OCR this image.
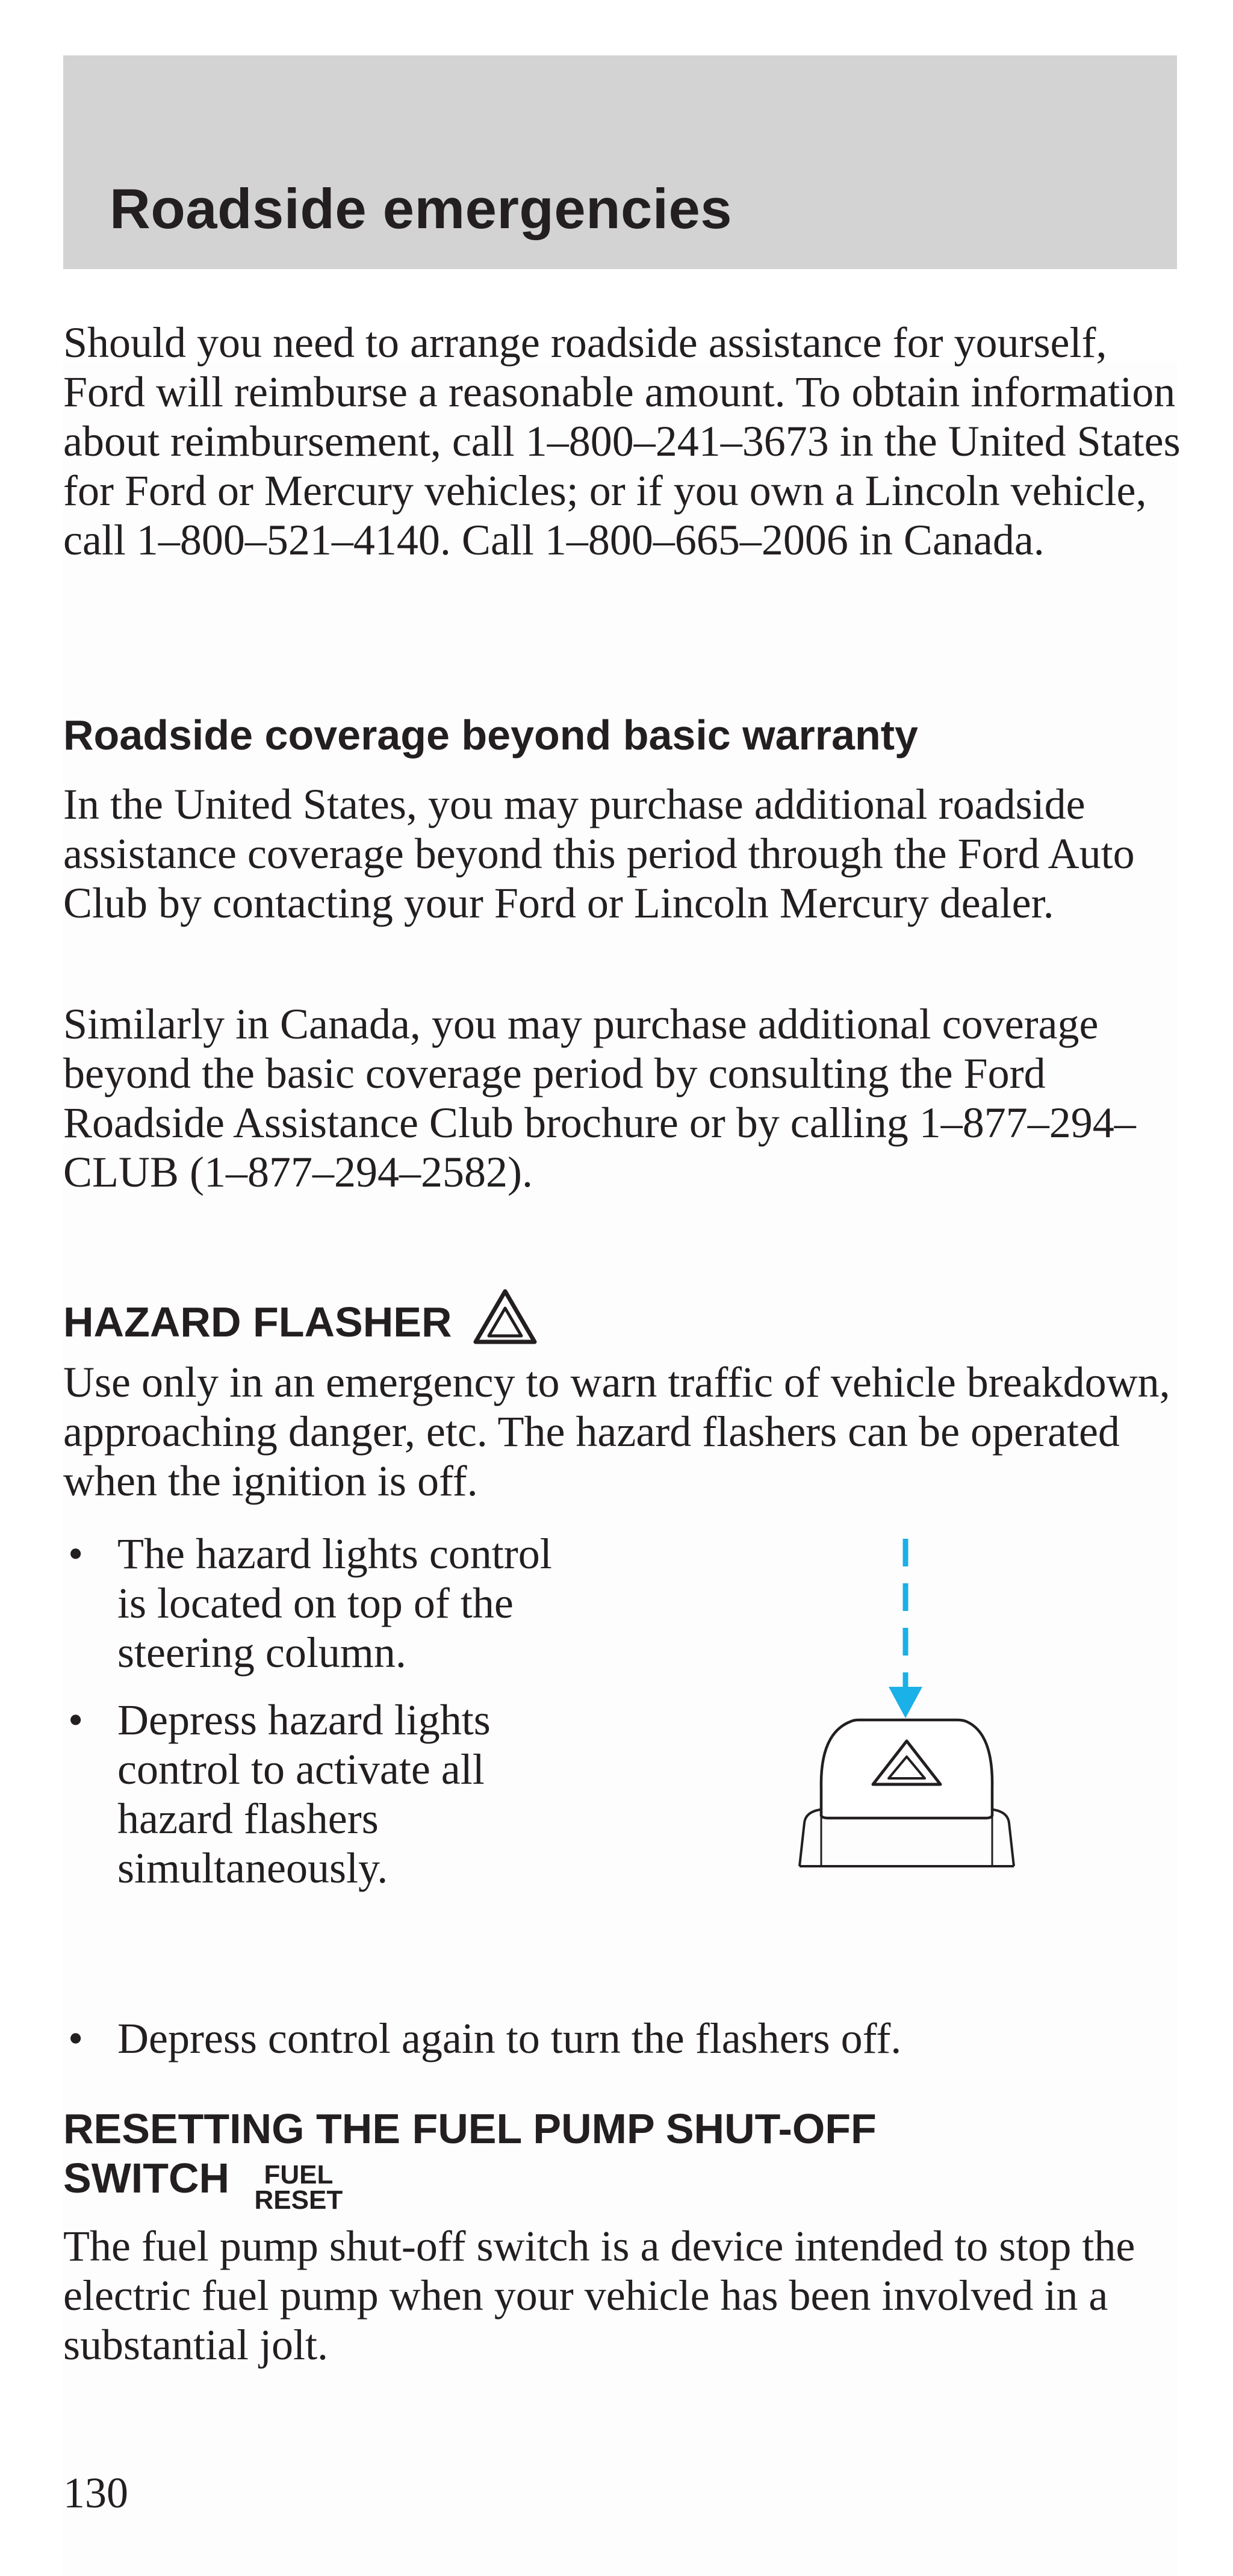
Roadside emergencies

Should you need to arrange roadside assistance for yourself, Ford will reimburse a reasonable amount. To obtain information about reimbursement, call 1–800–241–3673 in the United States for Ford or Mercury vehicles; or if you own a Lincoln vehicle, call 1–800–521–4140. Call 1–800–665–2006 in Canada.

Roadside coverage beyond basic warranty

In the United States, you may purchase additional roadside assistance coverage beyond this period through the Ford Auto Club by contacting your Ford or Lincoln Mercury dealer.

Similarly in Canada, you may purchase additional coverage beyond the basic coverage period by consulting the Ford Roadside Assistance Club brochure or by calling 1–877–294–CLUB (1–877–294–2582).

HAZARD FLASHER

Use only in an emergency to warn traffic of vehicle breakdown, approaching danger, etc. The hazard flashers can be operated when the ignition is off.

• The hazard lights control is located on top of the steering column.
• Depress hazard lights control to activate all hazard flashers simultaneously.
• Depress control again to turn the flashers off.
RESETTING THE FUEL PUMP SHUT-OFF
SWITCH	FUEL
RESET

The fuel pump shut-off switch is a device intended to stop the electric fuel pump when your vehicle has been involved in a substantial jolt.

130
